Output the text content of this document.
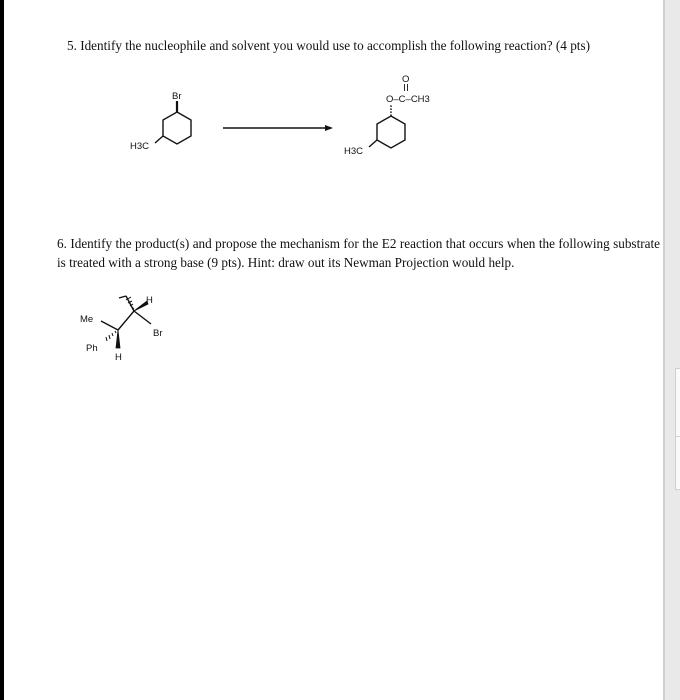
5. Identify the nucleophile and solvent you would use to accomplish the following reaction? (4 pts)
6. Identify the product(s) and propose the mechanism for the E2 reaction that occurs when the following substrate is treated with a strong base (9 pts). Hint: draw out its Newman Projection would help.
Br
H3C
O
O–C–CH3
H3C
Me
Ph
H
H
Br
